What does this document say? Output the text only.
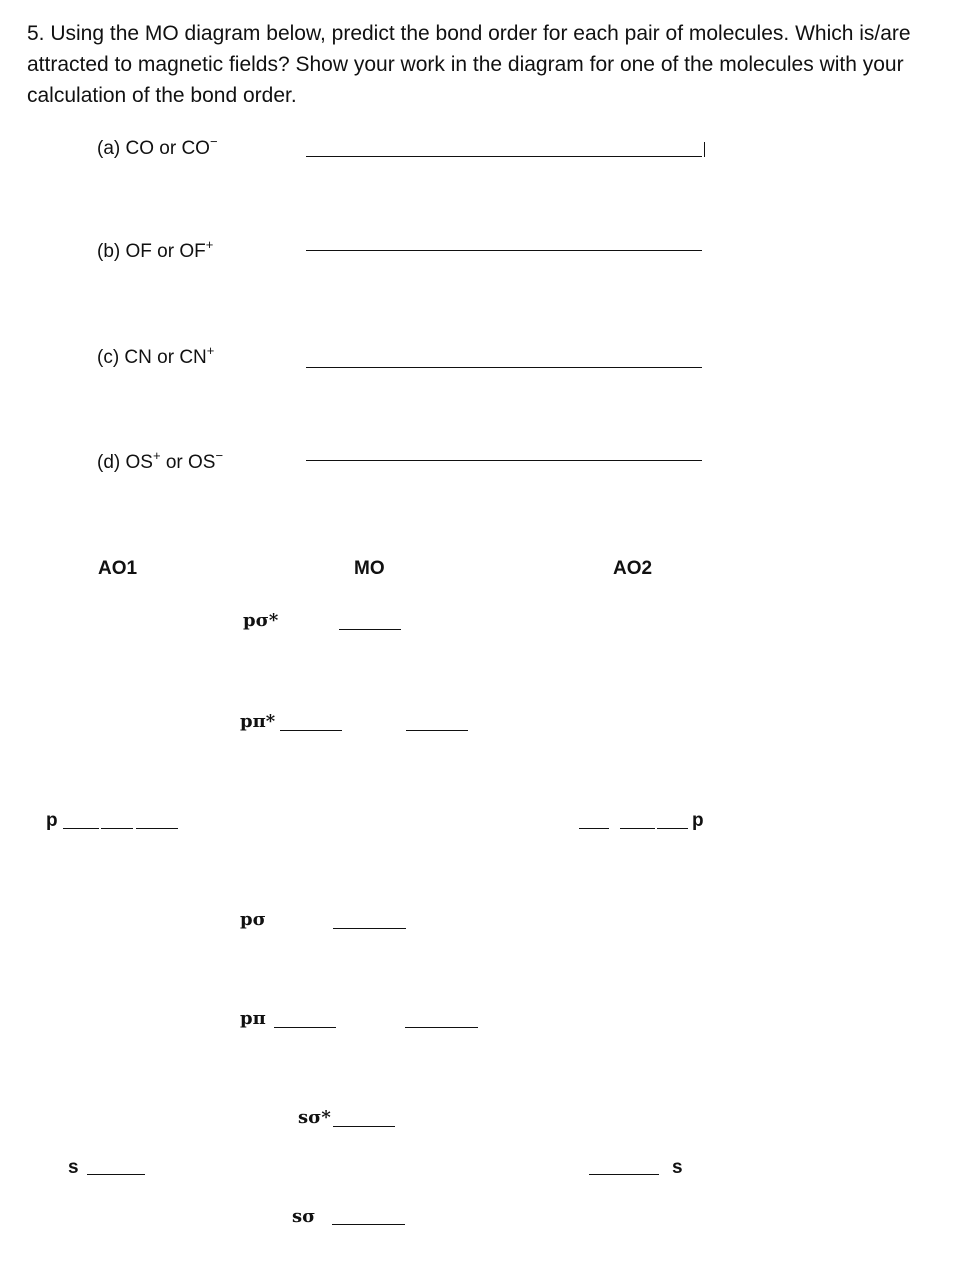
5. Using the MO diagram below, predict the bond order for each pair of molecules. Which is/are attracted to magnetic fields? Show your work in the diagram for one of the molecules with your calculation of the bond order.

(a) CO or CO−
(b) OF or OF+
(c) CN or CN+
(d) OS+ or OS−
AO1	MO	AO2
pσ*
pπ*
p	p
pσ
pπ
sσ*
s	s
sσ
